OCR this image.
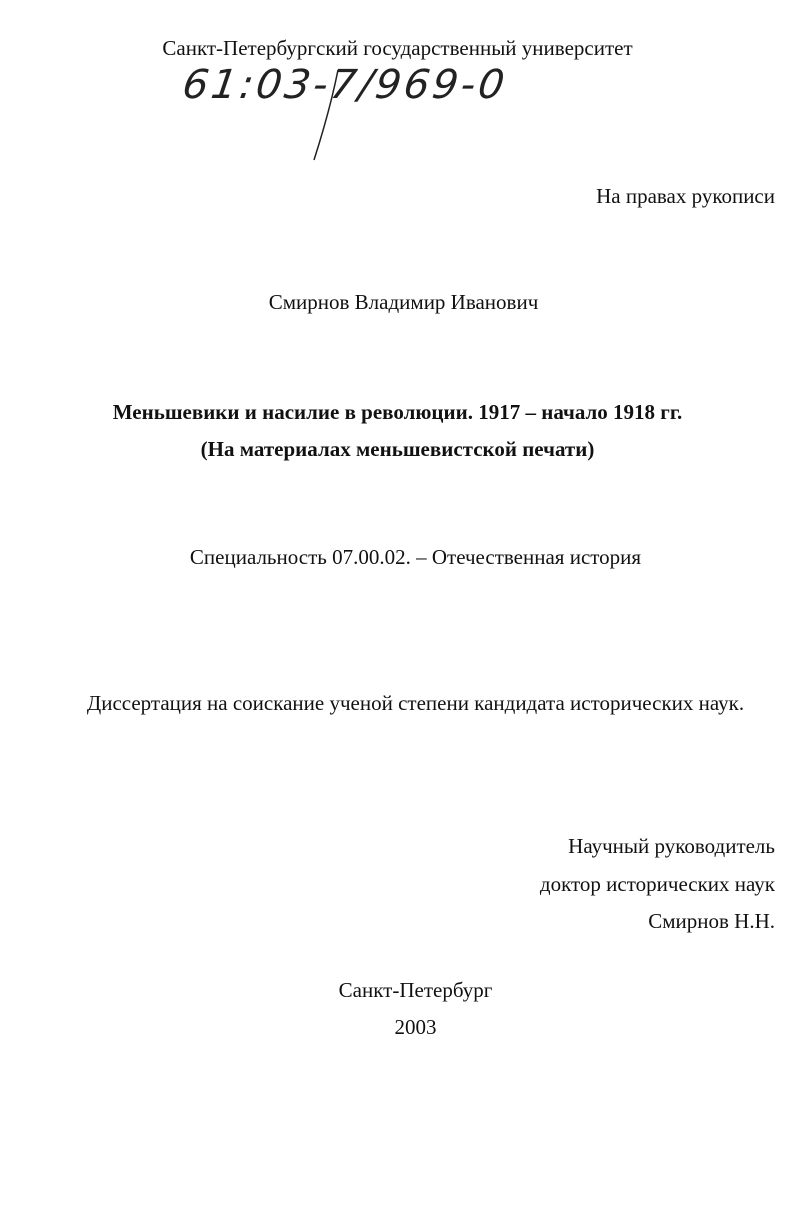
Санкт-Петербургский государственный университет
61:03-7/969-0
На правах рукописи
Смирнов Владимир Иванович
Меньшевики и насилие в революции. 1917 – начало 1918 гг.
(На материалах меньшевистской печати)
Специальность 07.00.02. – Отечественная история
Диссертация на соискание ученой степени кандидата исторических наук.
Научный руководитель
доктор исторических наук
Смирнов Н.Н.
Санкт-Петербург
2003
